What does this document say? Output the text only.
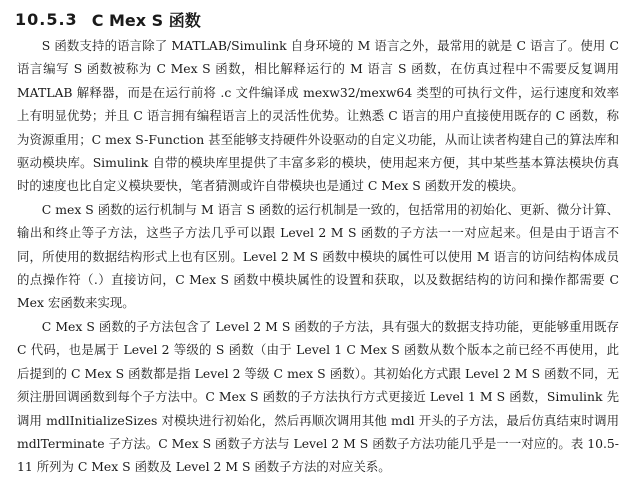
10.5.3 C Mex S 函数

S 函数支持的语言除了 MATLAB/Simulink 自身环境的 M 语言之外，最常用的就是 C 语言了。使用 C 语言编写 S 函数被称为 C Mex S 函数，相比解释运行的 M 语言 S 函数，在仿真过程中不需要反复调用 MATLAB 解释器，而是在运行前将 .c 文件编译成 mexw32/mexw64 类型的可执行文件，运行速度和效率上有明显优势；并且 C 语言拥有编程语言上的灵活性优势。让熟悉 C 语言的用户直接使用既存的 C 函数，称为资源重用；C mex S-Function 甚至能够支持硬件外设驱动的自定义功能，从而让读者构建自己的算法库和驱动模块库。Simulink 自带的模块库里提供了丰富多彩的模块，使用起来方便，其中某些基本算法模块仿真时的速度也比自定义模块要快，笔者猜测或许自带模块也是通过 C Mex S 函数开发的模块。

C mex S 函数的运行机制与 M 语言 S 函数的运行机制是一致的，包括常用的初始化、更新、微分计算、输出和终止等子方法，这些子方法几乎可以跟 Level 2 M S 函数的子方法一一对应起来。但是由于语言不同，所使用的数据结构形式上也有区别。Level 2 M S 函数中模块的属性可以使用 M 语言的访问结构体成员的点操作符（.）直接访问，C Mex S 函数中模块属性的设置和获取，以及数据结构的访问和操作都需要 C Mex 宏函数来实现。

C Mex S 函数的子方法包含了 Level 2 M S 函数的子方法，具有强大的数据支持功能，更能够重用既存 C 代码，也是属于 Level 2 等级的 S 函数（由于 Level 1 C Mex S 函数从数个版本之前已经不再使用，此后提到的 C Mex S 函数都是指 Level 2 等级 C mex S 函数）。其初始化方式跟 Level 2 M S 函数不同，无须注册回调函数到每个子方法中。C Mex S 函数的子方法执行方式更接近 Level 1 M S 函数，Simulink 先调用 mdlInitializeSizes 对模块进行初始化，然后再顺次调用其他 mdl 开头的子方法，最后仿真结束时调用 mdlTerminate 子方法。C Mex S 函数子方法与 Level 2 M S 函数子方法功能几乎是一一对应的。表 10.5-11 所列为 C Mex S 函数及 Level 2 M S 函数子方法的对应关系。
